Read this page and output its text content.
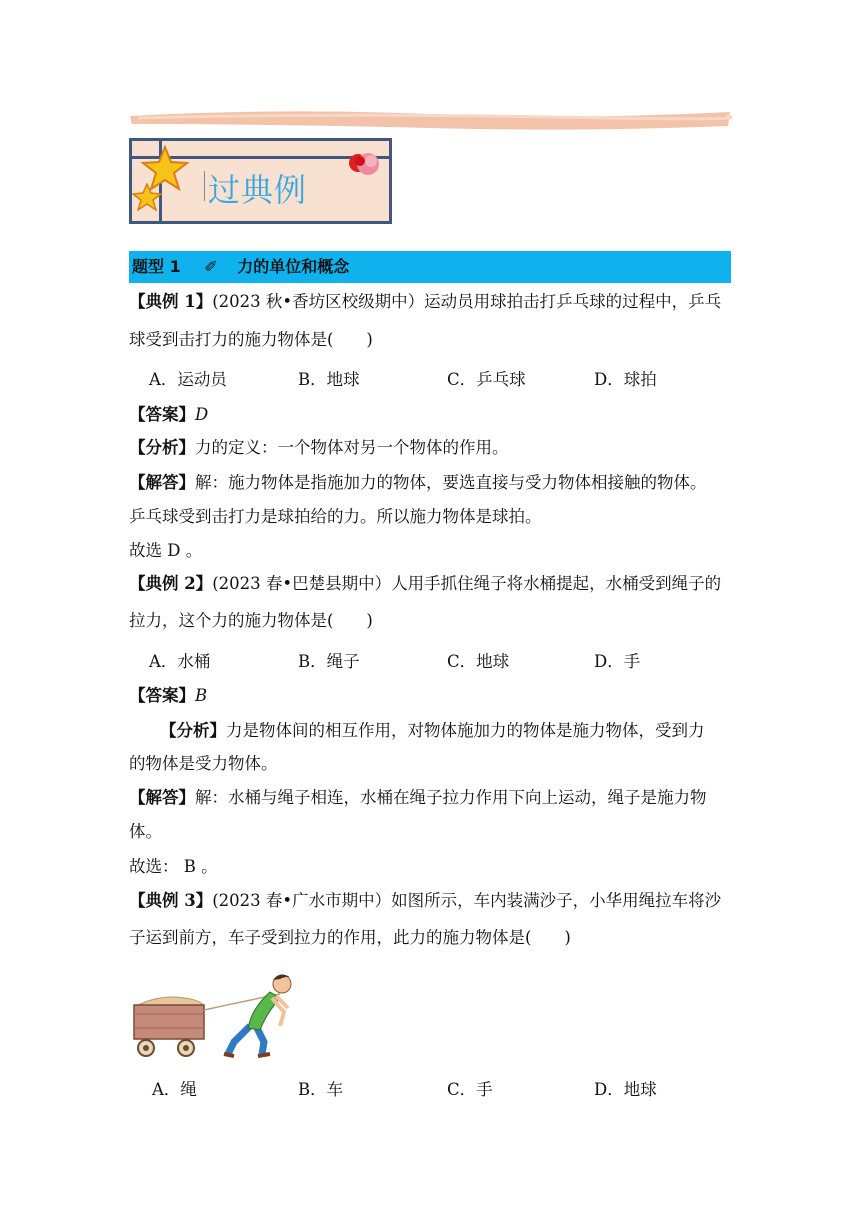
过典例
题型 1 ✐ 力的单位和概念
【典例 1】(2023 秋•香坊区校级期中）运动员用球拍击打乒乓球的过程中，乒乓
球受到击打力的施力物体是(　　)
A．运动员	B．地球	C．乒乓球	D．球拍
【答案】D
【分析】力的定义：一个物体对另一个物体的作用。
【解答】解：施力物体是指施加力的物体，要选直接与受力物体相接触的物体。
乒乓球受到击打力是球拍给的力。所以施力物体是球拍。
故选 D 。
【典例 2】(2023 春•巴楚县期中）人用手抓住绳子将水桶提起，水桶受到绳子的
拉力，这个力的施力物体是(　　)
A．水桶	B．绳子	C．地球	D．手
【答案】B
【分析】力是物体间的相互作用，对物体施加力的物体是施力物体，受到力
的物体是受力物体。
【解答】解：水桶与绳子相连，水桶在绳子拉力作用下向上运动，绳子是施力物
体。
故选： B 。
【典例 3】(2023 春•广水市期中）如图所示，车内装满沙子，小华用绳拉车将沙
子运到前方，车子受到拉力的作用，此力的施力物体是(　　)
A．绳	B．车	C．手	D．地球
